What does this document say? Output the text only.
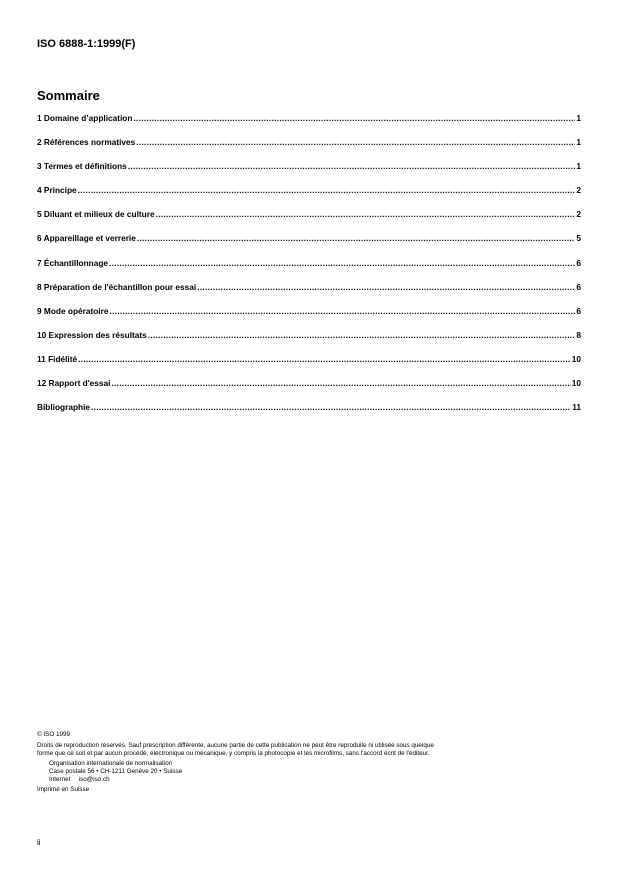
ISO 6888-1:1999(F)
Sommaire
1 Domaine d’application .....	1
2 Références normatives .....	1
3 Termes et définitions .....	1
4 Principe .....	2
5 Diluant et milieux de culture .....	2
6 Appareillage et verrerie .....	5
7 Échantillonnage .....	6
8 Préparation de l'échantillon pour essai .....	6
9 Mode opératoire .....	6
10 Expression des résultats .....	8
11 Fidélité .....	10
12 Rapport d'essai .....	10
Bibliographie .....	11
© ISO 1999
Droits de reproduction réservés. Sauf prescription différente, aucune partie de cette publication ne peut être reproduite ni utilisée sous quelque
forme que ce soit et par aucun procédé, électronique ou mécanique, y compris la photocopie et les microfilms, sans l'accord écrit de l'éditeur.
Organisation internationale de normalisation
Case postale 56 • CH-1211 Genève 20 • Suisse
Internet iso@iso.ch
Imprimé en Suisse
ii
